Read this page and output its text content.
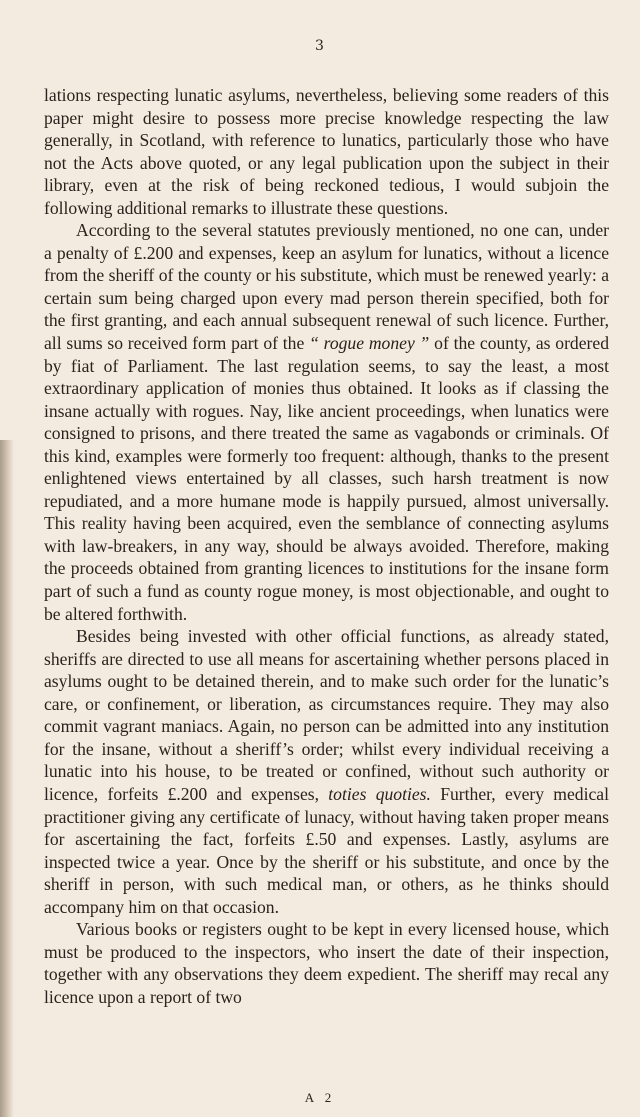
3

lations respecting lunatic asylums, nevertheless, believing some readers of this paper might desire to possess more precise knowledge respecting the law generally, in Scotland, with reference to lunatics, particularly those who have not the Acts above quoted, or any legal publication upon the subject in their library, even at the risk of being reckoned tedious, I would subjoin the following additional remarks to illustrate these questions.

According to the several statutes previously mentioned, no one can, under a penalty of £.200 and expenses, keep an asylum for lunatics, without a licence from the sheriff of the county or his substitute, which must be renewed yearly: a certain sum being charged upon every mad person therein specified, both for the first granting, and each annual subsequent renewal of such licence. Further, all sums so received form part of the “ rogue money ” of the county, as ordered by fiat of Parliament. The last regulation seems, to say the least, a most extraordinary application of monies thus obtained. It looks as if classing the insane actually with rogues. Nay, like ancient proceedings, when lunatics were consigned to prisons, and there treated the same as vagabonds or criminals. Of this kind, examples were formerly too frequent: although, thanks to the present enlightened views entertained by all classes, such harsh treatment is now repudiated, and a more humane mode is happily pursued, almost universally. This reality having been acquired, even the semblance of connecting asylums with law-breakers, in any way, should be always avoided. Therefore, making the proceeds obtained from granting licences to institutions for the insane form part of such a fund as county rogue money, is most objectionable, and ought to be altered forthwith.

Besides being invested with other official functions, as already stated, sheriffs are directed to use all means for ascertaining whether persons placed in asylums ought to be detained therein, and to make such order for the lunatic’s care, or confinement, or liberation, as circumstances require. They may also commit vagrant maniacs. Again, no person can be admitted into any institution for the insane, without a sheriff’s order; whilst every individual receiving a lunatic into his house, to be treated or confined, without such authority or licence, forfeits £.200 and expenses, toties quoties. Further, every medical practitioner giving any certificate of lunacy, without having taken proper means for ascertaining the fact, forfeits £.50 and expenses. Lastly, asylums are inspected twice a year. Once by the sheriff or his substitute, and once by the sheriff in person, with such medical man, or others, as he thinks should accompany him on that occasion.

Various books or registers ought to be kept in every licensed house, which must be produced to the inspectors, who insert the date of their inspection, together with any observations they deem expedient. The sheriff may recal any licence upon a report of two

A 2
